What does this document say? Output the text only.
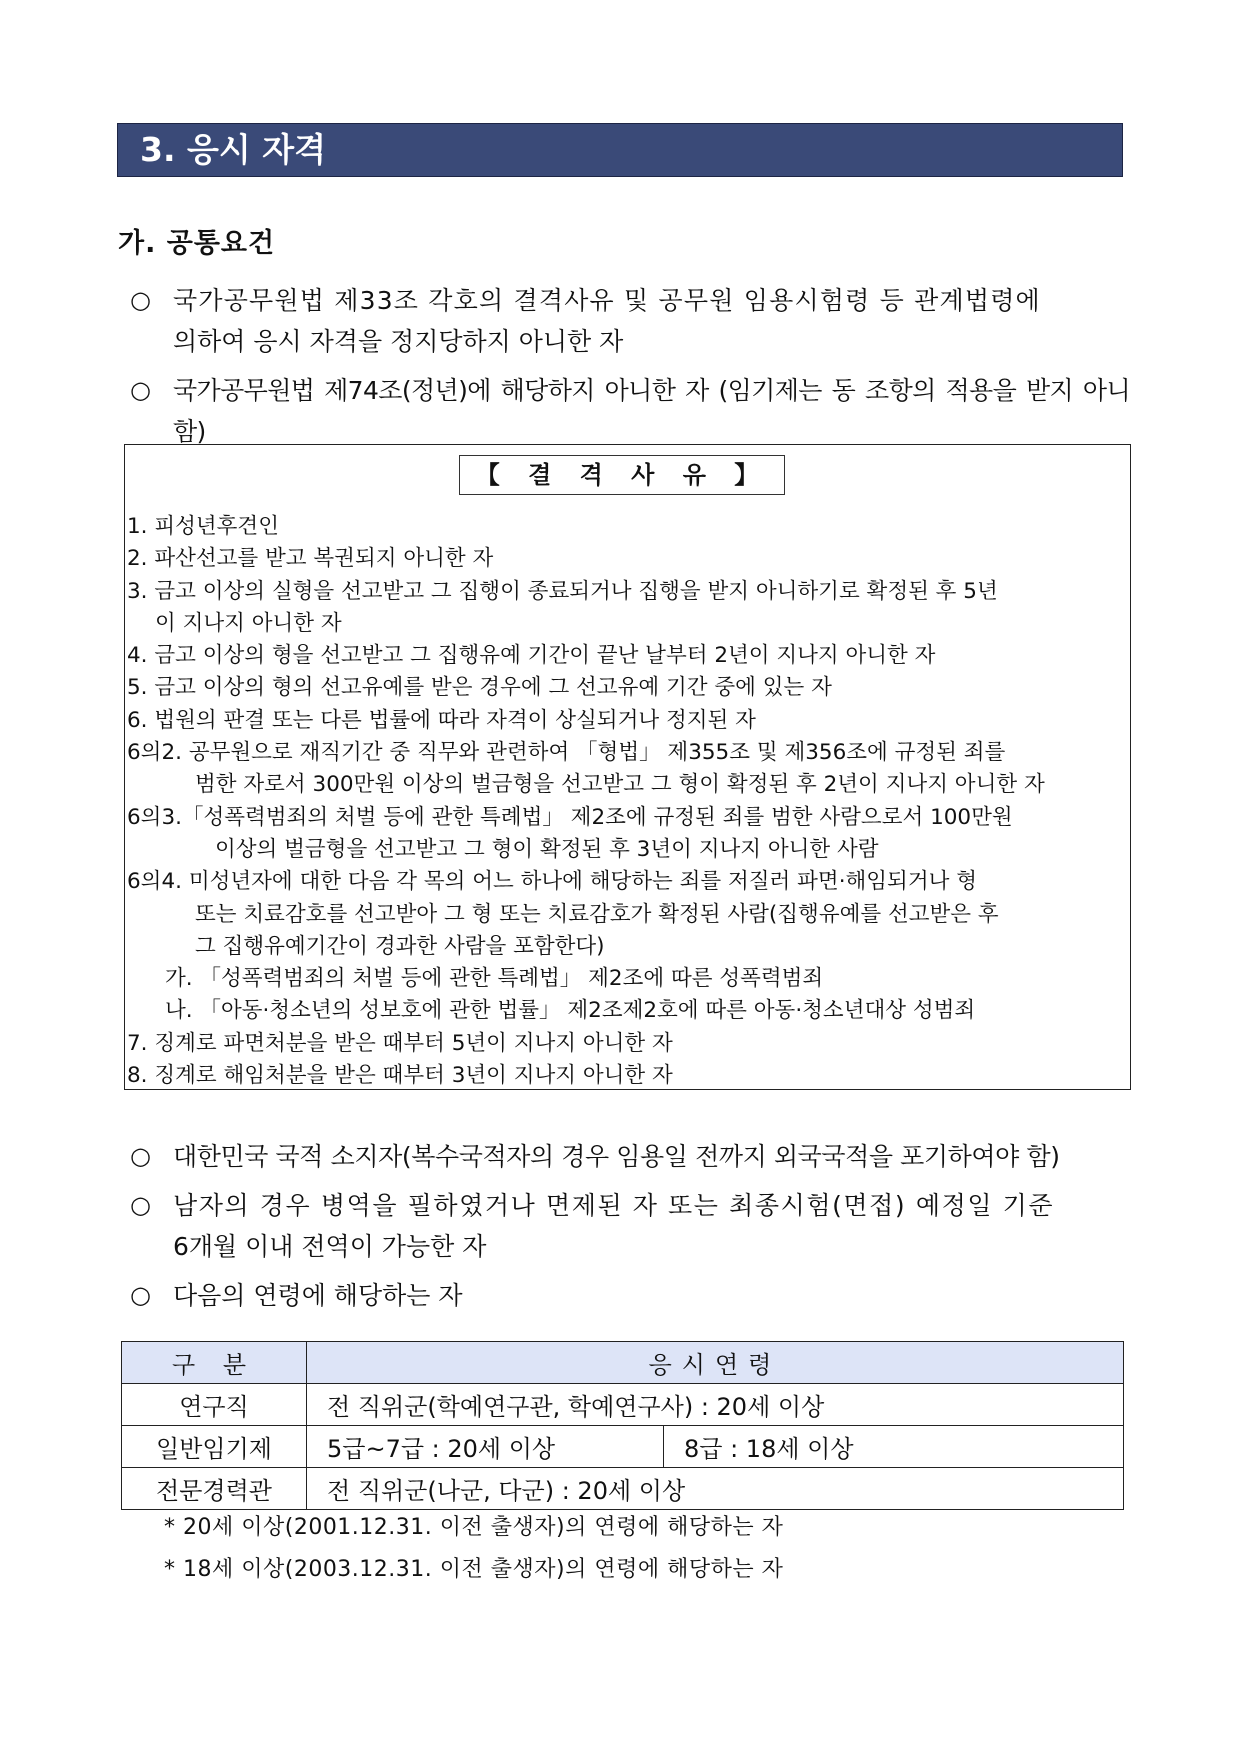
3. 응시 자격
가. 공통요건
○ 국가공무원법 제33조 각호의 결격사유 및 공무원 임용시험령 등 관계법령에
의하여 응시 자격을 정지당하지 아니한 자
○ 국가공무원법 제74조(정년)에 해당하지 아니한 자 (임기제는 동 조항의 적용을 받지 아니함)
【 결 격 사 유 】
1.
피성년후견인
2.
파산선고를 받고 복권되지 아니한 자
3.
금고 이상의 실형을 선고받고 그 집행이 종료되거나 집행을 받지 아니하기로 확정된 후 5년
이 지나지 아니한 자
4.
금고 이상의 형을 선고받고 그 집행유예 기간이 끝난 날부터 2년이 지나지 아니한 자
5.
금고 이상의 형의 선고유예를 받은 경우에 그 선고유예 기간 중에 있는 자
6.
법원의 판결 또는 다른 법률에 따라 자격이 상실되거나 정지된 자
6의2.
공무원으로 재직기간 중 직무와 관련하여 「형법」 제355조 및 제356조에 규정된 죄를
범한 자로서 300만원 이상의 벌금형을 선고받고 그 형이 확정된 후 2년이 지나지 아니한 자
6의3. 「성폭력범죄의 처벌 등에 관한 특례법」 제2조에 규정된 죄를 범한 사람으로서 100만원
이상의 벌금형을 선고받고 그 형이 확정된 후 3년이 지나지 아니한 사람
6의4.
미성년자에 대한 다음 각 목의 어느 하나에 해당하는 죄를 저질러 파면·해임되거나 형
또는 치료감호를 선고받아 그 형 또는 치료감호가 확정된 사람(집행유예를 선고받은 후
그 집행유예기간이 경과한 사람을 포함한다)
가. 「성폭력범죄의 처벌 등에 관한 특례법」 제2조에 따른 성폭력범죄
나. 「아동·청소년의 성보호에 관한 법률」 제2조제2호에 따른 아동·청소년대상 성범죄
7.
징계로 파면처분을 받은 때부터 5년이 지나지 아니한 자
8.
징계로 해임처분을 받은 때부터 3년이 지나지 아니한 자
○ 대한민국 국적 소지자(복수국적자의 경우 임용일 전까지 외국국적을 포기하여야 함)
○ 남자의 경우 병역을 필하였거나 면제된 자 또는 최종시험(면접) 예정일 기준
6개월 이내 전역이 가능한 자
○ 다음의 연령에 해당하는 자
구 분	응시연령	
연구직	전 직위군(학예연구관, 학예연구사) : 20세 이상	
일반임기제	5급~7급 : 20세 이상	8급 : 18세 이상
전문경력관	전 직위군(나군, 다군) : 20세 이상	
* 20세 이상(2001.12.31. 이전 출생자)의 연령에 해당하는 자
* 18세 이상(2003.12.31. 이전 출생자)의 연령에 해당하는 자
